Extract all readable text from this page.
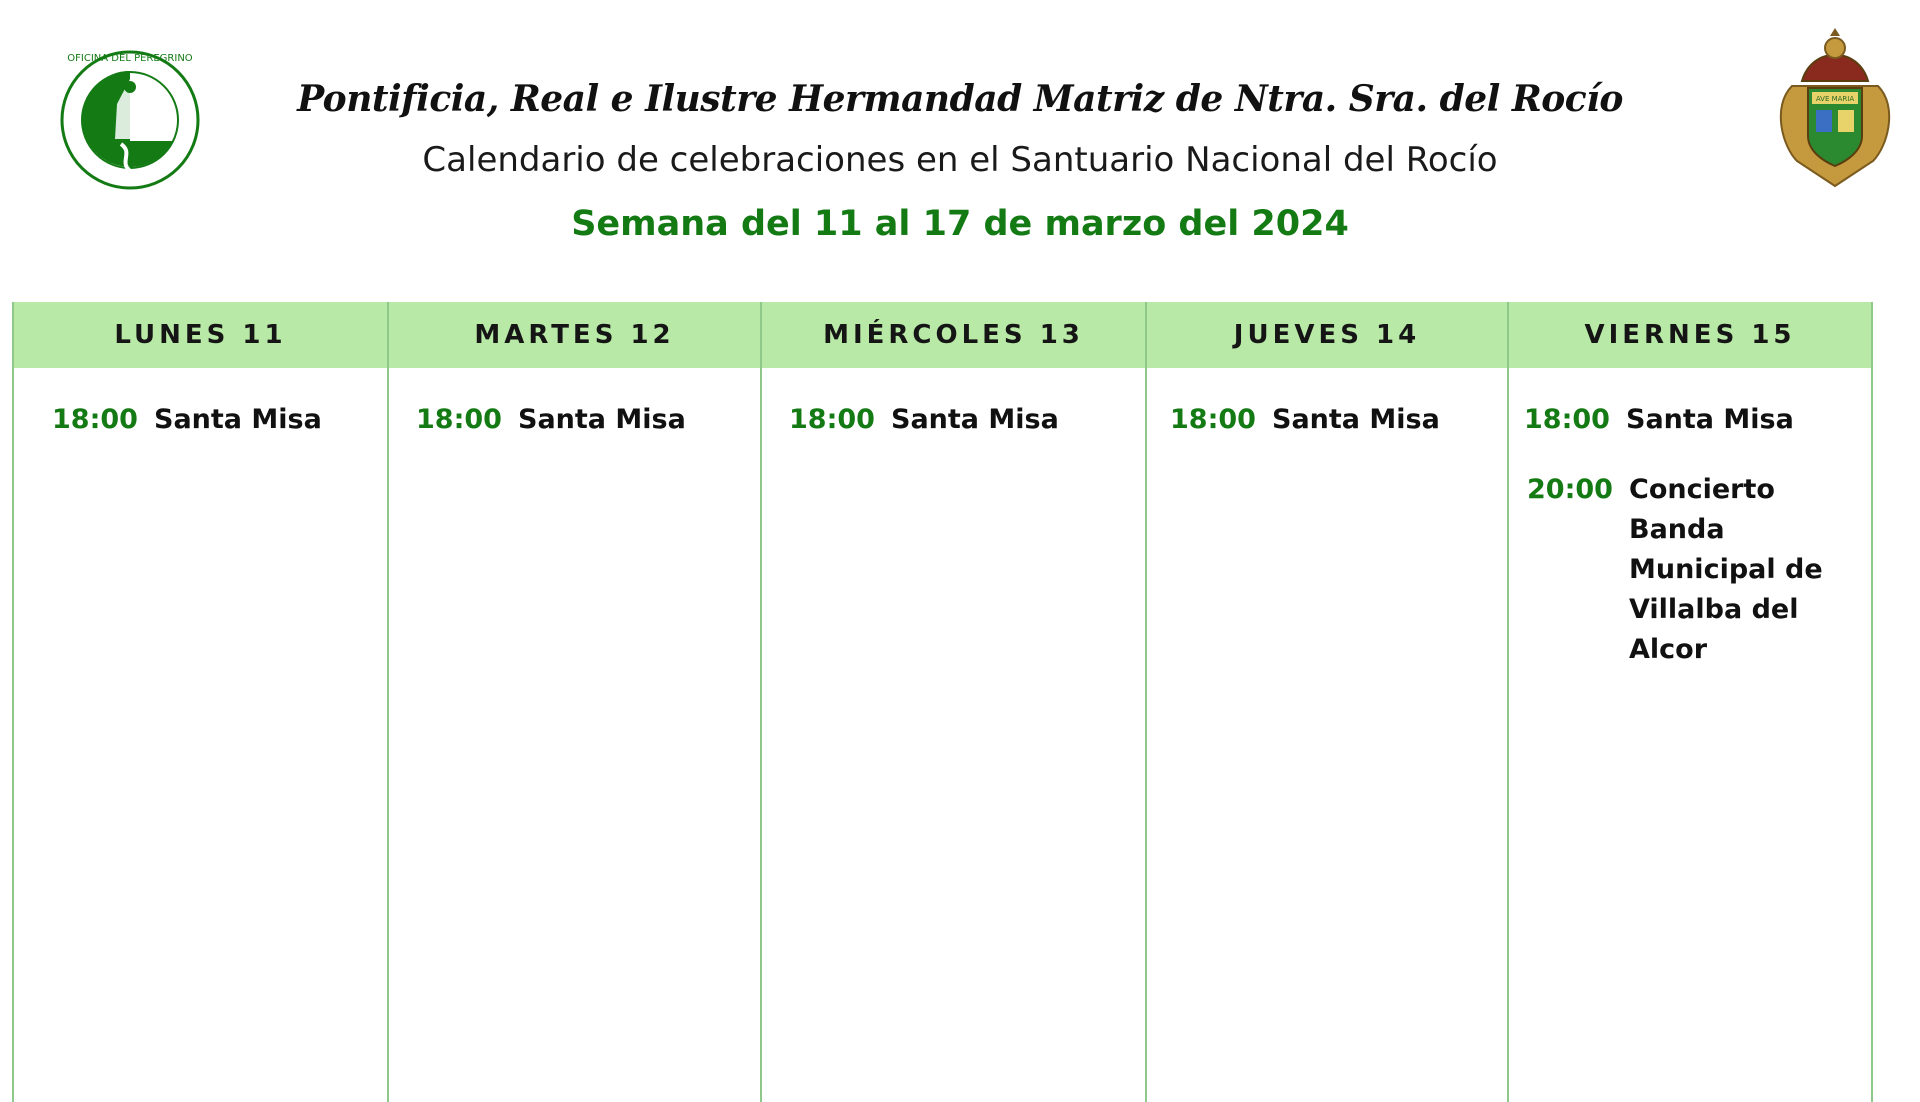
OFICINA DEL PEREGRINO
AVE MARIA
Pontificia, Real e Ilustre Hermandad Matriz de Ntra. Sra. del Rocío
Calendario de celebraciones en el Santuario Nacional del Rocío
Semana del 11 al 17 de marzo del 2024
LUNES 11
18:00 Santa Misa
MARTES 12
18:00 Santa Misa
MIÉRCOLES 13
18:00 Santa Misa
JUEVES 14
18:00 Santa Misa
VIERNES 15
18:00 Santa Misa
20:00 Concierto Banda Municipal de Villalba del Alcor
